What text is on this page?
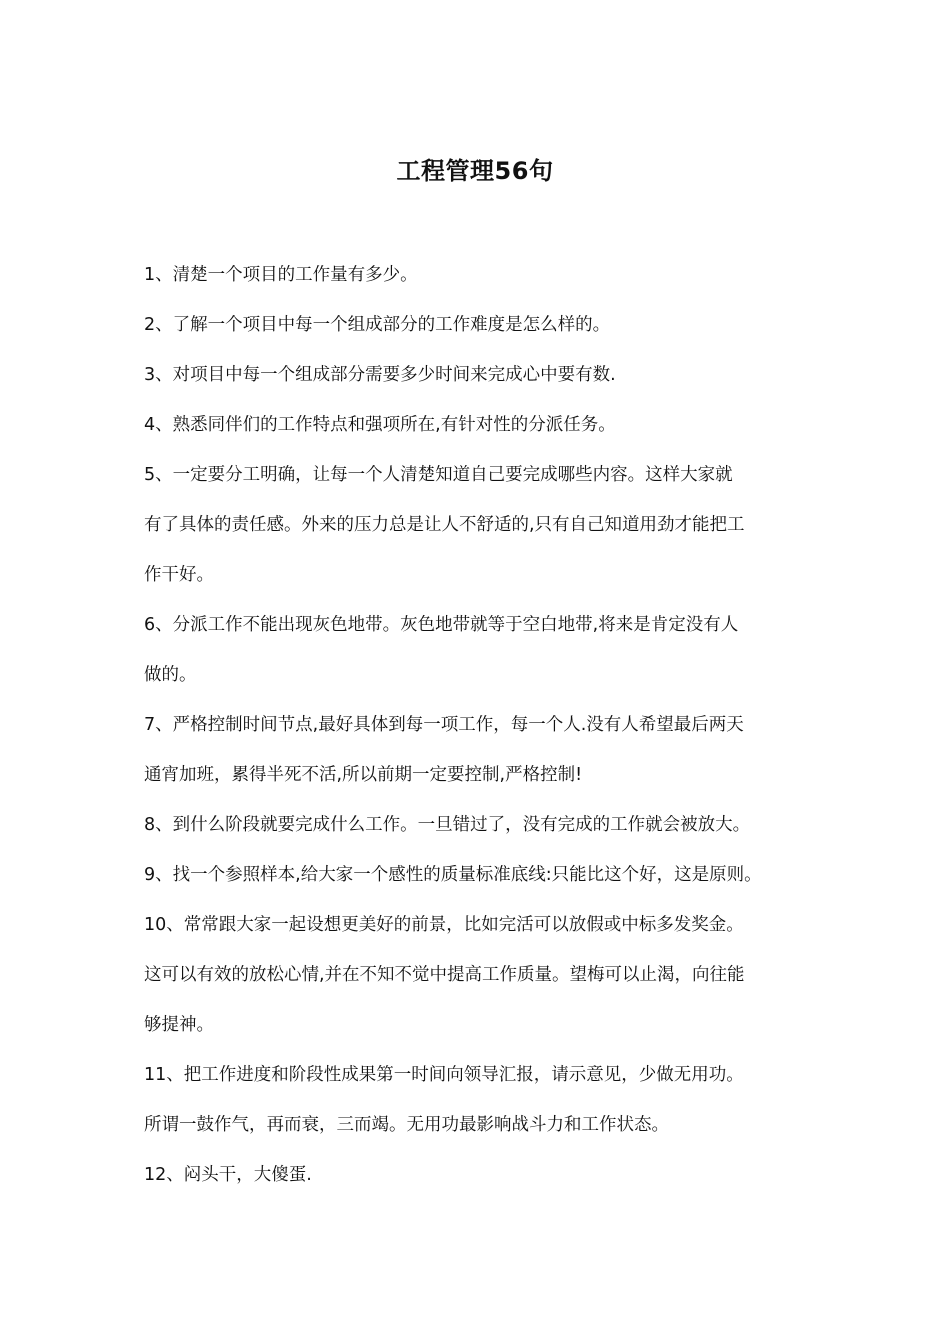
工程管理56句
1、清楚一个项目的工作量有多少。
2、了解一个项目中每一个组成部分的工作难度是怎么样的。
3、对项目中每一个组成部分需要多少时间来完成心中要有数.
4、熟悉同伴们的工作特点和强项所在,有针对性的分派任务。
5、一定要分工明确，让每一个人清楚知道自己要完成哪些内容。这样大家就
有了具体的责任感。外来的压力总是让人不舒适的,只有自己知道用劲才能把工
作干好。
6、分派工作不能出现灰色地带。灰色地带就等于空白地带,将来是肯定没有人
做的。
7、严格控制时间节点,最好具体到每一项工作，每一个人.没有人希望最后两天
通宵加班，累得半死不活,所以前期一定要控制,严格控制!
8、到什么阶段就要完成什么工作。一旦错过了，没有完成的工作就会被放大。
9、找一个参照样本,给大家一个感性的质量标准底线:只能比这个好，这是原则。
10、常常跟大家一起设想更美好的前景，比如完活可以放假或中标多发奖金。
这可以有效的放松心情,并在不知不觉中提高工作质量。望梅可以止渴，向往能
够提神。
11、把工作进度和阶段性成果第一时间向领导汇报，请示意见，少做无用功。
所谓一鼓作气，再而衰，三而竭。无用功最影响战斗力和工作状态。
12、闷头干，大傻蛋.
